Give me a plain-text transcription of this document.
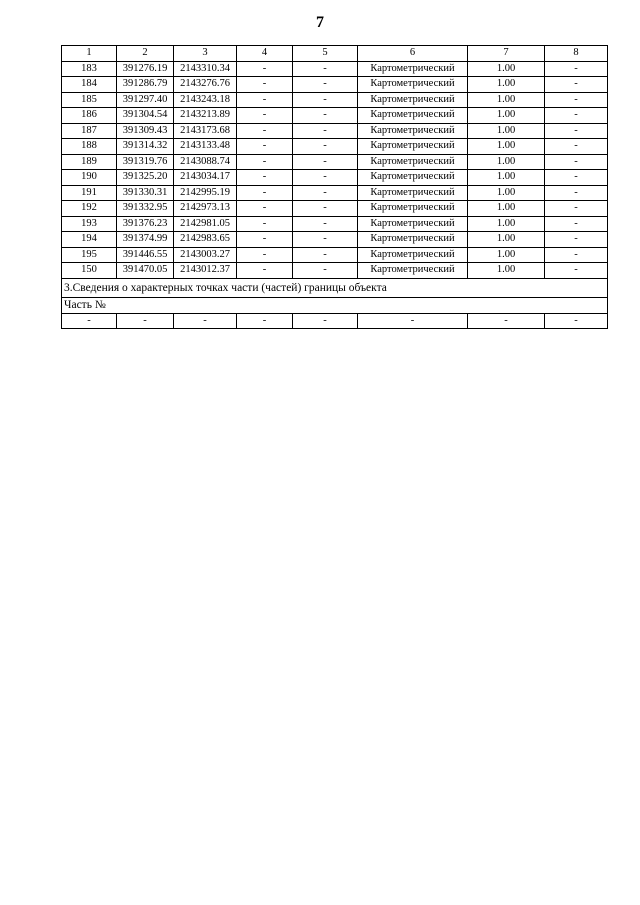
7
1	2	3	4	5	6	7	8
183	391276.19	2143310.34	-	-	Картометрический	1.00	-
184	391286.79	2143276.76	-	-	Картометрический	1.00	-
185	391297.40	2143243.18	-	-	Картометрический	1.00	-
186	391304.54	2143213.89	-	-	Картометрический	1.00	-
187	391309.43	2143173.68	-	-	Картометрический	1.00	-
188	391314.32	2143133.48	-	-	Картометрический	1.00	-
189	391319.76	2143088.74	-	-	Картометрический	1.00	-
190	391325.20	2143034.17	-	-	Картометрический	1.00	-
191	391330.31	2142995.19	-	-	Картометрический	1.00	-
192	391332.95	2142973.13	-	-	Картометрический	1.00	-
193	391376.23	2142981.05	-	-	Картометрический	1.00	-
194	391374.99	2142983.65	-	-	Картометрический	1.00	-
195	391446.55	2143003.27	-	-	Картометрический	1.00	-
150	391470.05	2143012.37	-	-	Картометрический	1.00	-
3.Сведения о характерных точках части (частей) границы объекта							
Часть №							
-	-	-	-	-	-	-	-
